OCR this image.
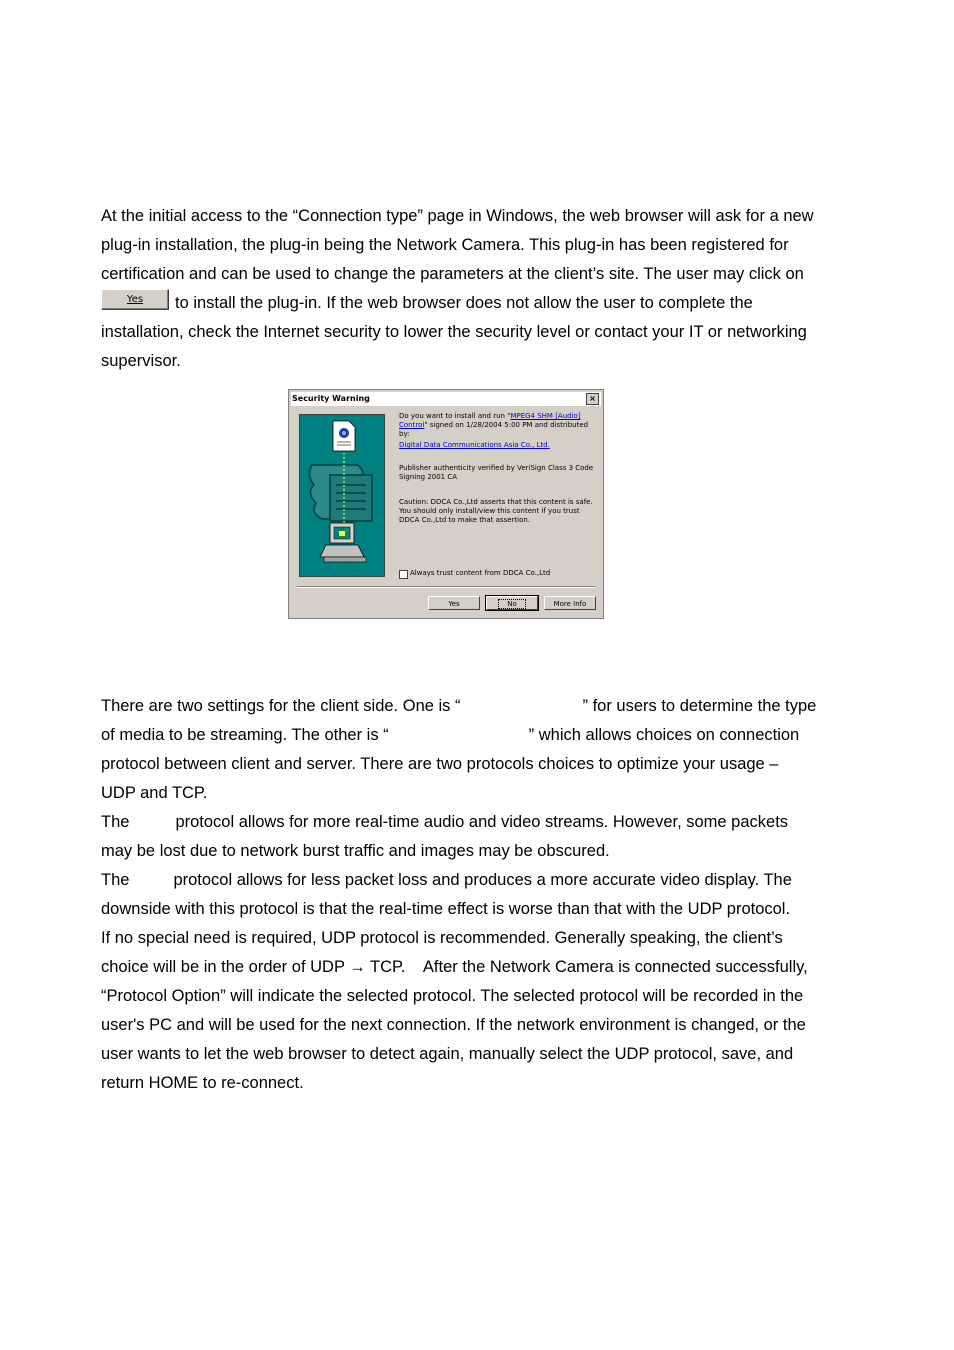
At the initial access to the “Connection type” page in Windows, the web browser will ask for a new
plug-in installation, the plug-in being the Network Camera. This plug-in has been registered for
certification and can be used to change the parameters at the client’s site. The user may click on
Yes to install the plug-in. If the web browser does not allow the user to complete the
installation, check the Internet security to lower the security level or contact your IT or networking
supervisor.
Security Warning	×
Do you want to install and run "MPEG4 SHM [Audio]
Control" signed on 1/28/2004 5:00 PM and distributed by:
Digital Data Communications Asia Co., Ltd.
Publisher authenticity verified by VeriSign Class 3 Code
Signing 2001 CA
Caution: DDCA Co.,Ltd asserts that this content is safe.
You should only install/view this content if you trust
DDCA Co.,Ltd to make that assertion.
Always trust content from DDCA Co.,Ltd
Yes	No	More Info
There are two settings for the client side. One is “	” for users to determine the type
of media to be streaming. The other is “	” which allows choices on connection
protocol between client and server. There are two protocols choices to optimize your usage –
UDP and TCP.
The	protocol allows for more real-time audio and video streams. However, some packets
may be lost due to network burst traffic and images may be obscured.
The	protocol allows for less packet loss and produces a more accurate video display. The
downside with this protocol is that the real-time effect is worse than that with the UDP protocol.
If no special need is required, UDP protocol is recommended. Generally speaking, the client’s
choice will be in the order of UDP → TCP.    After the Network Camera is connected successfully,
“Protocol Option” will indicate the selected protocol. The selected protocol will be recorded in the
user's PC and will be used for the next connection. If the network environment is changed, or the
user wants to let the web browser to detect again, manually select the UDP protocol, save, and
return HOME to re-connect.
